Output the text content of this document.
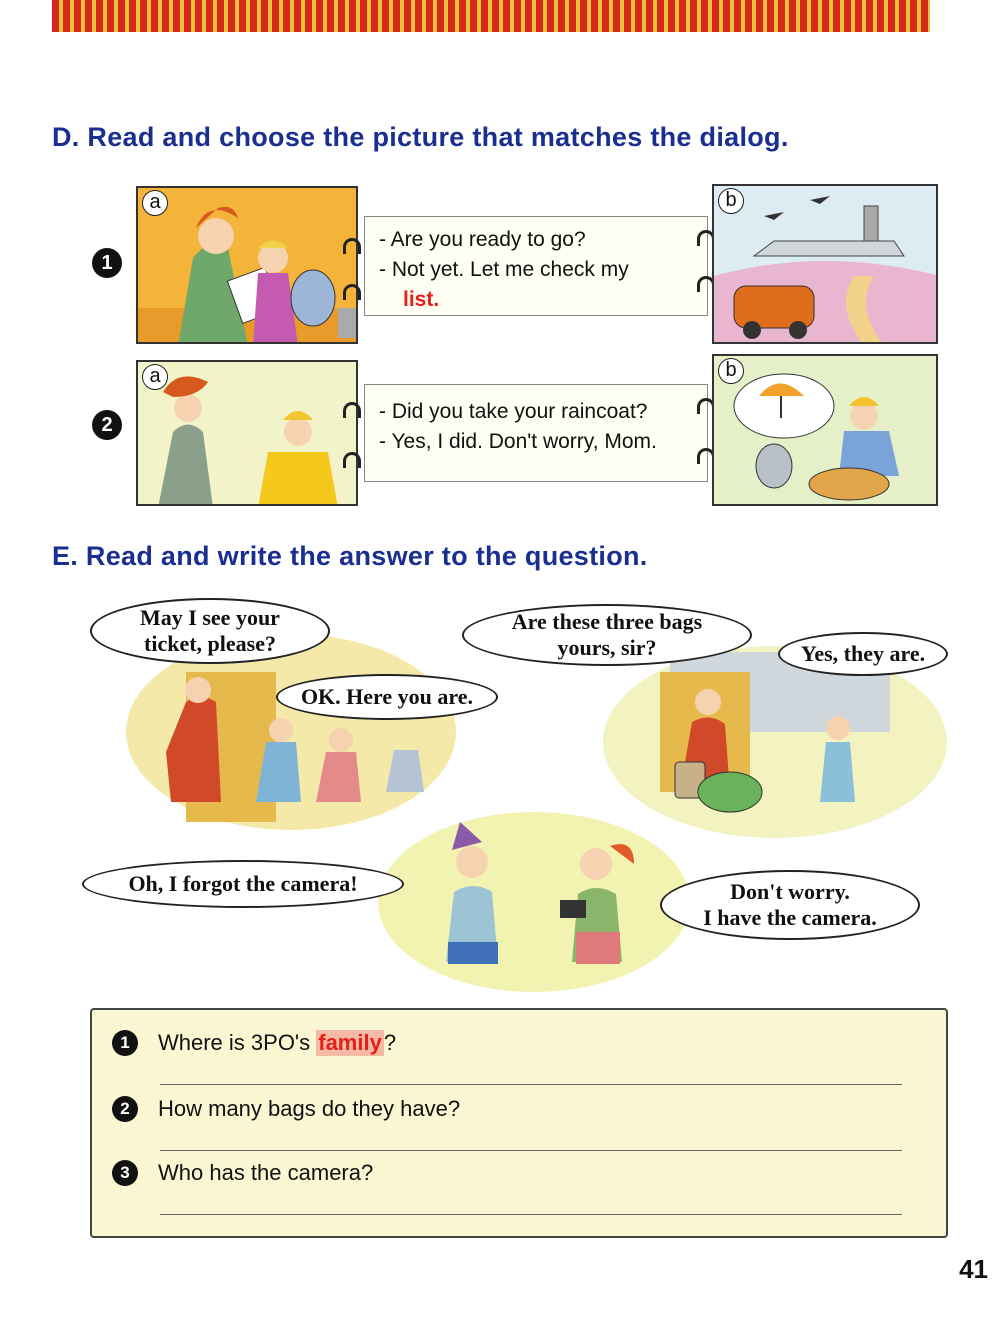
D. Read and choose the picture that matches the dialog.
1
a
- Are you ready to go?
- Not yet. Let me check my
list.
b
2
a
- Did you take your raincoat?
- Yes, I did. Don't worry, Mom.
b
E. Read and write the answer to the question.
May I see your
ticket, please?
OK. Here you are.
Are these three bags
yours, sir?	Yes, they are.
Oh, I forgot the camera!	Don't worry.
I have the camera.
1	Where is 3PO's family ?
2	How many bags do they have?
3	Who has the camera?
41
